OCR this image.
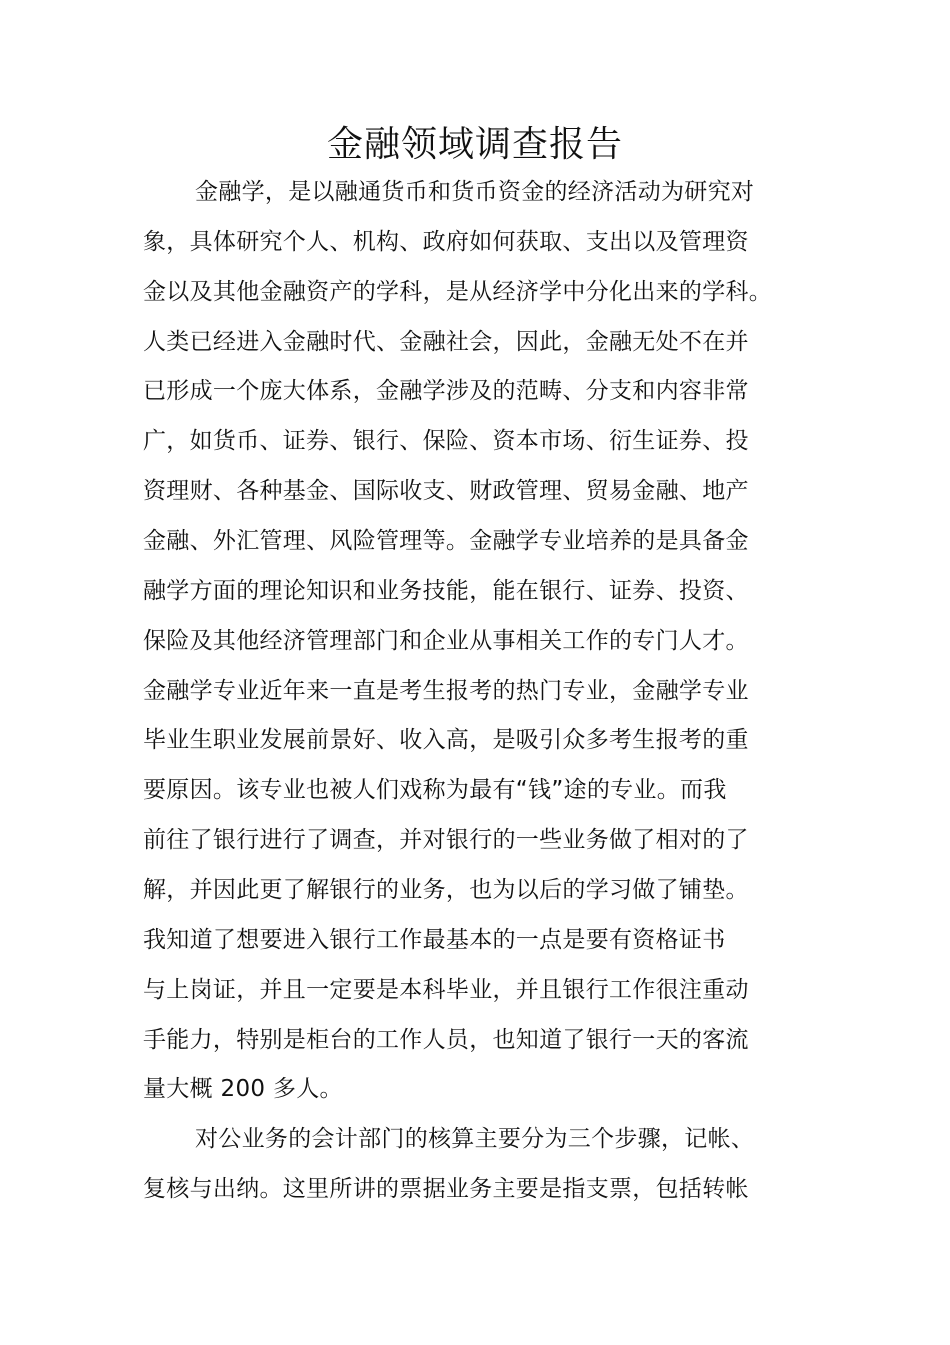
金融领域调查报告
金融学，是以融通货币和货币资金的经济活动为研究对
象，具体研究个人、机构、政府如何获取、支出以及管理资
金以及其他金融资产的学科，是从经济学中分化出来的学科。
人类已经进入金融时代、金融社会，因此，金融无处不在并
已形成一个庞大体系，金融学涉及的范畴、分支和内容非常
广，如货币、证券、银行、保险、资本市场、衍生证券、投
资理财、各种基金、国际收支、财政管理、贸易金融、地产
金融、外汇管理、风险管理等。金融学专业培养的是具备金
融学方面的理论知识和业务技能，能在银行、证券、投资、
保险及其他经济管理部门和企业从事相关工作的专门人才。
金融学专业近年来一直是考生报考的热门专业，金融学专业
毕业生职业发展前景好、收入高，是吸引众多考生报考的重
要原因。该专业也被人们戏称为最有“钱”途的专业。而我
前往了银行进行了调查，并对银行的一些业务做了相对的了
解，并因此更了解银行的业务，也为以后的学习做了铺垫。
我知道了想要进入银行工作最基本的一点是要有资格证书
与上岗证，并且一定要是本科毕业，并且银行工作很注重动
手能力，特别是柜台的工作人员，也知道了银行一天的客流
量大概 200 多人。
对公业务的会计部门的核算主要分为三个步骤，记帐、
复核与出纳。这里所讲的票据业务主要是指支票，包括转帐
